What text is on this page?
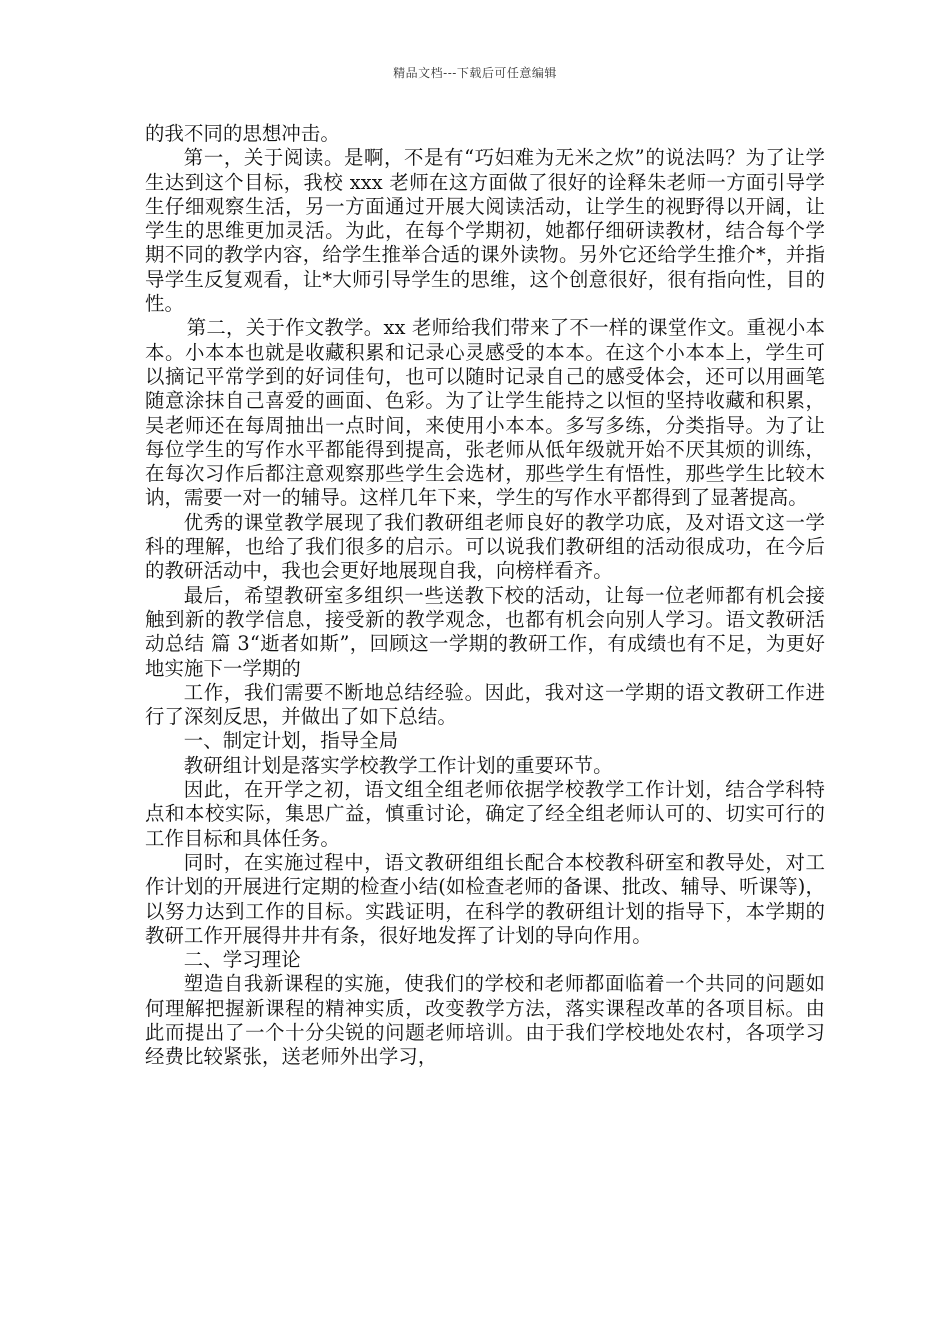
精品文档---下载后可任意编辑

的我不同的思想冲击。

第一，关于阅读。是啊，不是有“巧妇难为无米之炊”的说法吗？为了让学生达到这个目标，我校 xxx 老师在这方面做了很好的诠释朱老师一方面引导学生仔细观察生活，另一方面通过开展大阅读活动，让学生的视野得以开阔，让学生的思维更加灵活。为此，在每个学期初，她都仔细研读教材，结合每个学期不同的教学内容，给学生推举合适的课外读物。另外它还给学生推介*，并指导学生反复观看，让*大师引导学生的思维，这个创意很好，很有指向性，目的性。

第二，关于作文教学。xx 老师给我们带来了不一样的课堂作文。重视小本本。小本本也就是收藏积累和记录心灵感受的本本。在这个小本本上，学生可以摘记平常学到的好词佳句，也可以随时记录自己的感受体会，还可以用画笔随意涂抹自己喜爱的画面、色彩。为了让学生能持之以恒的坚持收藏和积累，吴老师还在每周抽出一点时间，来使用小本本。多写多练，分类指导。为了让每位学生的写作水平都能得到提高，张老师从低年级就开始不厌其烦的训练，在每次习作后都注意观察那些学生会选材，那些学生有悟性，那些学生比较木讷，需要一对一的辅导。这样几年下来，学生的写作水平都得到了显著提高。

优秀的课堂教学展现了我们教研组老师良好的教学功底，及对语文这一学科的理解，也给了我们很多的启示。可以说我们教研组的活动很成功，在今后的教研活动中，我也会更好地展现自我，向榜样看齐。

最后，希望教研室多组织一些送教下校的活动，让每一位老师都有机会接触到新的教学信息，接受新的教学观念，也都有机会向别人学习。语文教研活动总结 篇 3“逝者如斯”，回顾这一学期的教研工作，有成绩也有不足，为更好地实施下一学期的

工作，我们需要不断地总结经验。因此，我对这一学期的语文教研工作进行了深刻反思，并做出了如下总结。

一、制定计划，指导全局

教研组计划是落实学校教学工作计划的重要环节。

因此，在开学之初，语文组全组老师依据学校教学工作计划，结合学科特点和本校实际，集思广益，慎重讨论，确定了经全组老师认可的、切实可行的工作目标和具体任务。

同时，在实施过程中，语文教研组组长配合本校教科研室和教导处，对工作计划的开展进行定期的检查小结(如检查老师的备课、批改、辅导、听课等)，以努力达到工作的目标。实践证明，在科学的教研组计划的指导下，本学期的教研工作开展得井井有条，很好地发挥了计划的导向作用。

二、学习理论

塑造自我新课程的实施，使我们的学校和老师都面临着一个共同的问题如何理解把握新课程的精神实质，改变教学方法，落实课程改革的各项目标。由此而提出了一个十分尖锐的问题老师培训。由于我们学校地处农村，各项学习经费比较紧张，送老师外出学习，
